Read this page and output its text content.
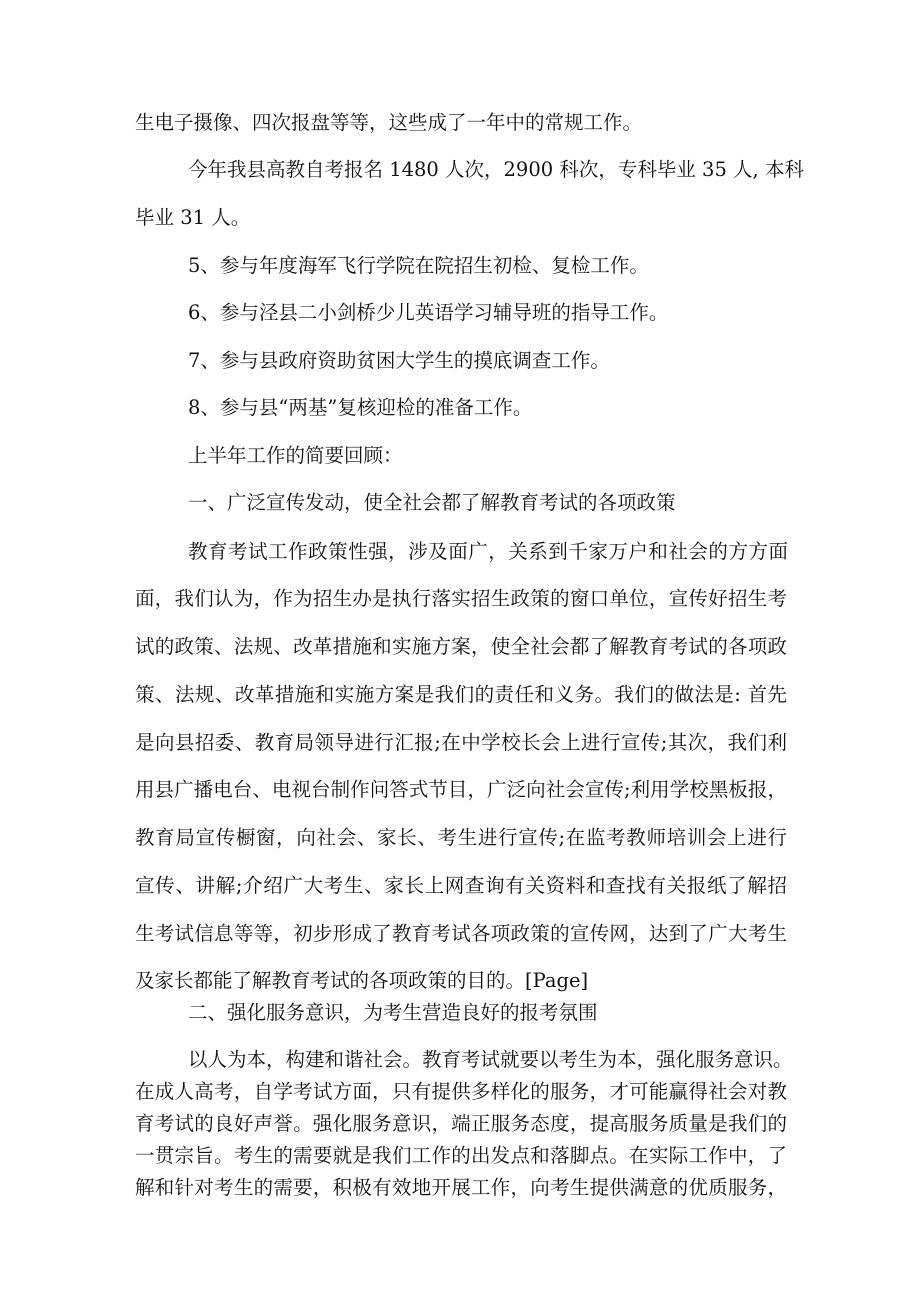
生电子摄像、四次报盘等等，这些成了一年中的常规工作。
今年我县高教自考报名 1480 人次，2900 科次，专科毕业 35 人, 本科
毕业 31 人。
5、参与年度海军飞行学院在院招生初检、复检工作。
6、参与泾县二小剑桥少儿英语学习辅导班的指导工作。
7、参与县政府资助贫困大学生的摸底调查工作。
8、参与县“两基”复核迎检的准备工作。
上半年工作的简要回顾：
一、广泛宣传发动，使全社会都了解教育考试的各项政策
教育考试工作政策性强，涉及面广，关系到千家万户和社会的方方面
面，我们认为，作为招生办是执行落实招生政策的窗口单位，宣传好招生考
试的政策、法规、改革措施和实施方案，使全社会都了解教育考试的各项政
策、法规、改革措施和实施方案是我们的责任和义务。我们的做法是: 首先
是向县招委、教育局领导进行汇报;在中学校长会上进行宣传;其次，我们利
用县广播电台、电视台制作问答式节目，广泛向社会宣传;利用学校黑板报，
教育局宣传橱窗，向社会、家长、考生进行宣传;在监考教师培训会上进行
宣传、讲解;介绍广大考生、家长上网查询有关资料和查找有关报纸了解招
生考试信息等等，初步形成了教育考试各项政策的宣传网，达到了广大考生
及家长都能了解教育考试的各项政策的目的。[Page]
二、强化服务意识，为考生营造良好的报考氛围
以人为本，构建和谐社会。教育考试就要以考生为本，强化服务意识。
在成人高考，自学考试方面，只有提供多样化的服务，才可能赢得社会对教
育考试的良好声誉。强化服务意识，端正服务态度，提高服务质量是我们的
一贯宗旨。考生的需要就是我们工作的出发点和落脚点。在实际工作中，了
解和针对考生的需要，积极有效地开展工作，向考生提供满意的优质服务，
